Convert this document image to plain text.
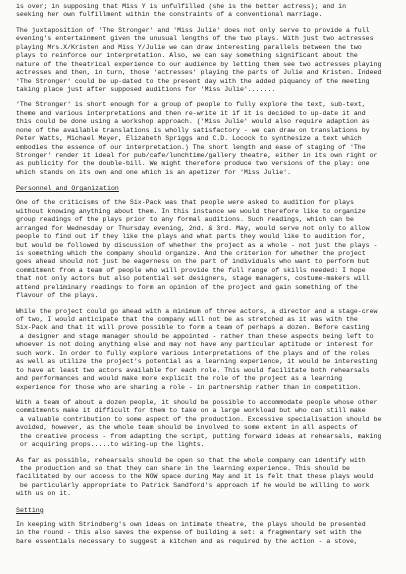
is over; in supposing that Miss Y is unfulfilled (she is the better actress); and in
seeking her own fulfillment within the constraints of a conventional marriage.
The juxtaposition of 'The Stronger' and 'Miss Julie' does not only serve to provide a full
evening's entertainment given the unusual lengths of the two plays. With just two actresses
playing Mrs.X/Kristen and Miss Y/Julie we can draw interesting parallels between the two
plays to reinforce our interpretation. Also, we can say something significant about the
nature of the theatrical experience to our audience by letting them see two actresses playing
actresses and then, in turn, those 'actresses' playing the parts of Julie and Kristen. Indeed
'The Stronger' could be up-dated to the present day with the added piquancy of the meeting
taking place just after supposed auditions for 'Miss Julie'.......
'The Stronger' is short enough for a group of people to fully explore the text, sub-text,
theme and various interpretations and then re-write it if it is decided to up-date it and
this could be done using a workshop approach. ('Miss Julie' would also require adaption as
none of the available translations is wholly satisfactory - we can draw on translations by
Peter Watts, Michael Meyer, Elizabeth Spriggs and C.D. Locock to synthesize a text which
embodies the essence of our interpretation.) The short length and ease of staging of 'The
Stronger' render it ideal for pub/cafe/lunchtime/gallery theatre, either in its own right or
as publicity for the double-bill. We might therefore produce two versions of the play: one
which stands on its own and one which is an apetizer for 'Miss Julie'.
Personnel and Organization
One of the criticisms of the Six-Pack was that people were asked to audition for plays
without knowing anything about them. In this instance we would therefore like to organize
group readings of the plays prior to any formal auditions. Such readings, which can be
arranged for Wednesday or Thursday evening, 2nd. & 3rd. May, would serve not only to allow
people to find out if they like the plays and what parts they would like to audition for,
but would be followed by discussion of whether the project as a whole - not just the plays -
is something which the company should organize. And the criterion for whether the project
goes ahead should not just be eagerness on the part of individuals who want to perform but
commitment from a team of people who will provide the full range of skills needed: I hope
that not only actors but also potential set designers, stage managers, costume-makers will
attend preliminary readings to form an opinion of the project and gain something of the
flavour of the plays.
While the project could go ahead with a minimum of three actors, a director and a stage-crew
of two, I would anticipate that the company will not be as stretched as it was with the
Six-Pack and that it will prove possible to form a team of perhaps a dozen. Before casting
a designer and stage manager should be appointed - rather than these aspects being left to
whoever is not doing anything else and may not have any particular aptitude or interest for
such work. In order to fully explore various interpretations of the plays and of the roles
as well as utilize the project's potential as a learning experience, it would be interesting
to have at least two actors available for each role. This would facilitate both rehearsals
and performances and would make more explicit the role of the project as a learning
experience for those who are sharing a role - in partnership rather than in competition.
With a team of about a dozen people, it should be possible to accommodate people whose other
commitments make it difficult for them to take on a large workload but who can still make
a valuable contribution to some aspect of the production. Excessive specialisation should be
avoided, however, as the whole team should be involved to some extent in all aspects of
the creative process - from adapting the script, putting forward ideas at rehearsals, making
or acquiring props.....to wiring-up the lights.
As far as possible, rehearsals should be open so that the whole company can identify with
the production and so that they can share in the learning experience. This should be
facilitated by our access to the NOW space during May and it is felt that these plays would
be particularly appropriate to Patrick Sandford's approach if he would be willing to work
with us on it.
Setting
In keeping with Strindberg's own ideas on intimate theatre, the plays should be presented
in the round - this also saves the expense of building a set: a fragmentary set with the
bare essentials necessary to suggest a kitchen and as required by the action - a stove,
